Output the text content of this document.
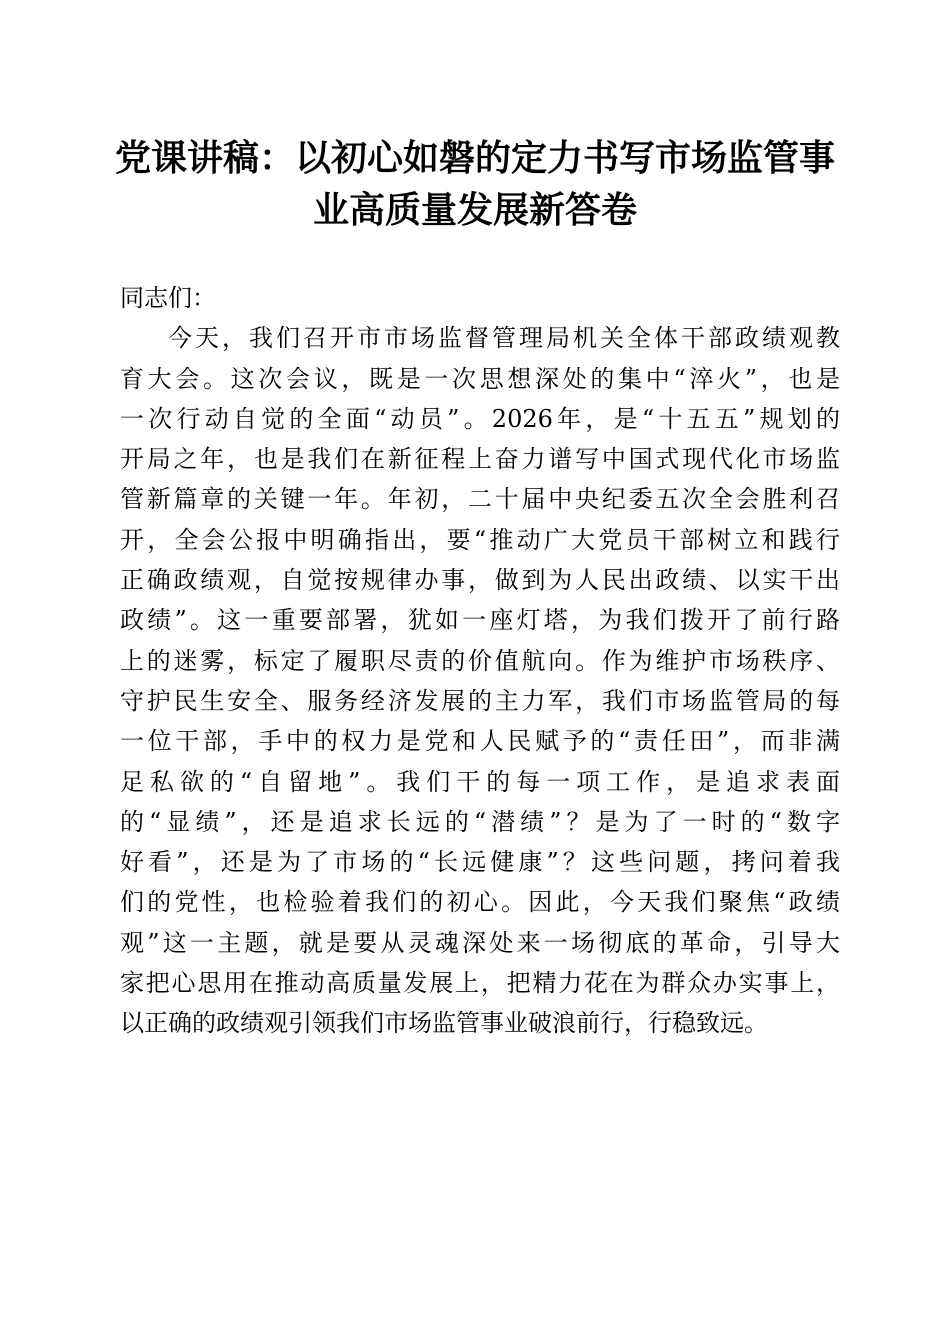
党课讲稿：以初心如磐的定力书写市场监管事
业高质量发展新答卷

同志们：

今天，我们召开市市场监督管理局机关全体干部政绩观教
育大会。这次会议，既是一次思想深处的集中“淬火”，也是
一次行动自觉的全面“动员”。2026年，是“十五五”规划的
开局之年，也是我们在新征程上奋力谱写中国式现代化市场监
管新篇章的关键一年。年初，二十届中央纪委五次全会胜利召
开，全会公报中明确指出，要“推动广大党员干部树立和践行
正确政绩观，自觉按规律办事，做到为人民出政绩、以实干出
政绩”。这一重要部署，犹如一座灯塔，为我们拨开了前行路
上的迷雾，标定了履职尽责的价值航向。作为维护市场秩序、
守护民生安全、服务经济发展的主力军，我们市场监管局的每
一位干部，手中的权力是党和人民赋予的“责任田”，而非满
足私欲的“自留地”。我们干的每一项工作，是追求表面
的“显绩”，还是追求长远的“潜绩”？是为了一时的“数字
好看”，还是为了市场的“长远健康”？这些问题，拷问着我
们的党性，也检验着我们的初心。因此，今天我们聚焦“政绩
观”这一主题，就是要从灵魂深处来一场彻底的革命，引导大
家把心思用在推动高质量发展上，把精力花在为群众办实事上，
以正确的政绩观引领我们市场监管事业破浪前行，行稳致远。
